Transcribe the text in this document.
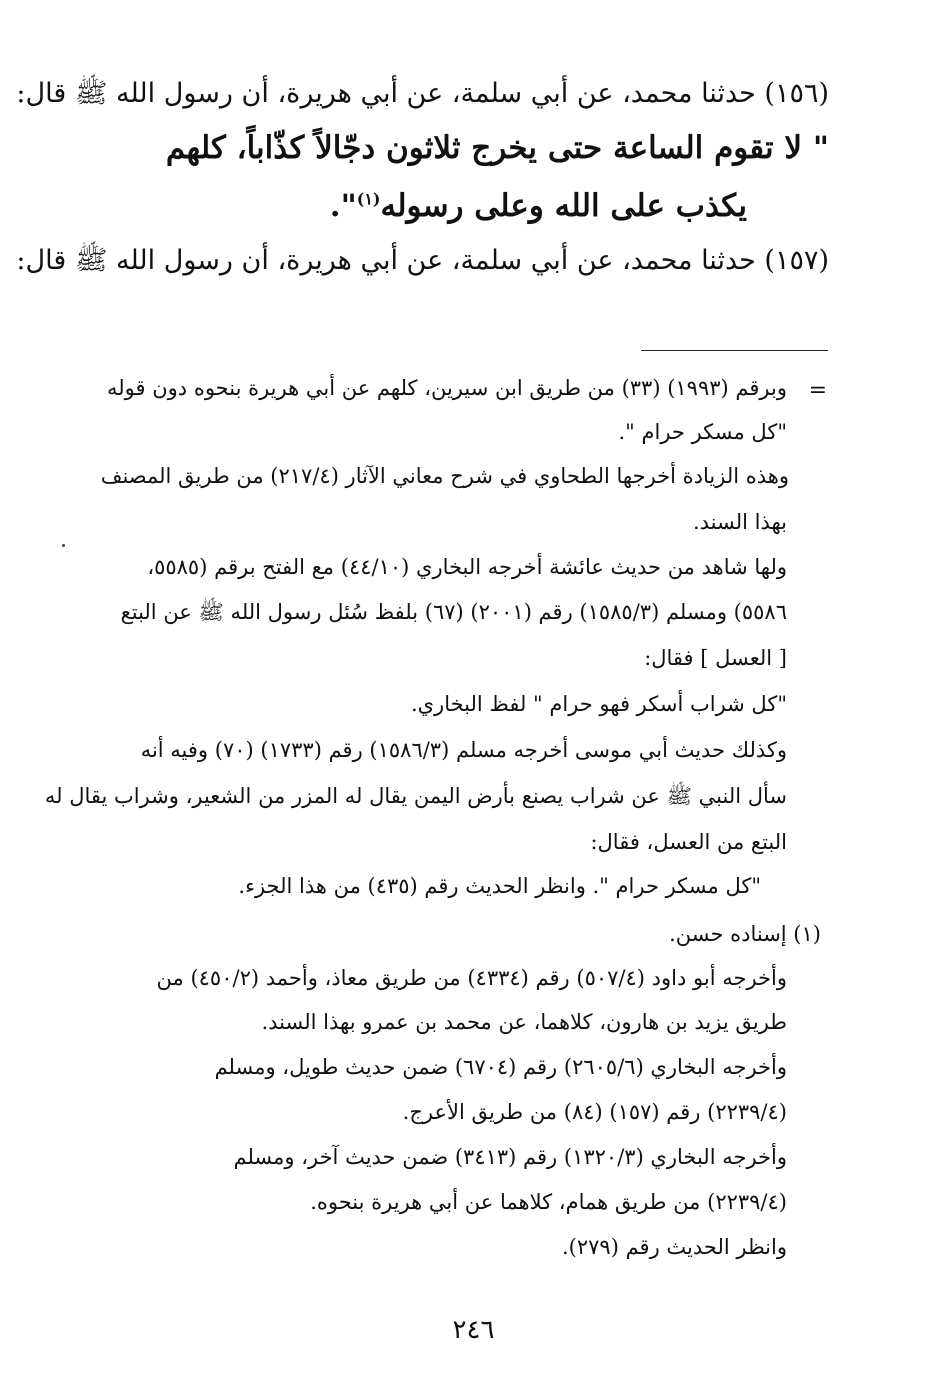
(١٥٦) حدثنا محمد، عن أبي سلمة، عن أبي هريرة، أن رسول الله ﷺ قال:
" لا تقوم الساعة حتى يخرج ثلاثون دجّالاً كذّاباً، كلهم
يكذب على الله وعلى رسوله$^{(١)}$".
(١٥٧) حدثنا محمد، عن أبي سلمة، عن أبي هريرة، أن رسول الله ﷺ قال:
=
وبرقم (١٩٩٣) (٣٣) من طريق ابن سيرين، كلهم عن أبي هريرة بنحوه دون قوله
"كل مسكر حرام ".
وهذه الزيادة أخرجها الطحاوي في شرح معاني الآثار (٢١٧/٤) من طريق المصنف
بهذا السند.
ولها شاهد من حديث عائشة أخرجه البخاري (٤٤/١٠) مع الفتح برقم (٥٥٨٥،
٥٥٨٦) ومسلم (١٥٨٥/٣) رقم (٢٠٠١) (٦٧) بلفظ سُئل رسول الله ﷺ عن البتع
[ العسل ] فقال:
"كل شراب أسكر فهو حرام " لفظ البخاري.
وكذلك حديث أبي موسى أخرجه مسلم (١٥٨٦/٣) رقم (١٧٣٣) (٧٠) وفيه أنه
سأل النبي ﷺ عن شراب يصنع بأرض اليمن يقال له المزر من الشعير، وشراب يقال له
البتع من العسل، فقال:
"كل مسكر حرام ". وانظر الحديث رقم (٤٣٥) من هذا الجزء.
(١) إسناده حسن.
وأخرجه أبو داود (٥٠٧/٤) رقم (٤٣٣٤) من طريق معاذ، وأحمد (٤٥٠/٢) من
طريق يزيد بن هارون، كلاهما، عن محمد بن عمرو بهذا السند.
وأخرجه البخاري (٢٦٠٥/٦) رقم (٦٧٠٤) ضمن حديث طويل، ومسلم
(٢٢٣٩/٤) رقم (١٥٧) (٨٤) من طريق الأعرج.
وأخرجه البخاري (١٣٢٠/٣) رقم (٣٤١٣) ضمن حديث آخر، ومسلم
(٢٢٣٩/٤) من طريق همام، كلاهما عن أبي هريرة بنحوه.
وانظر الحديث رقم (٢٧٩).
٢٤٦
